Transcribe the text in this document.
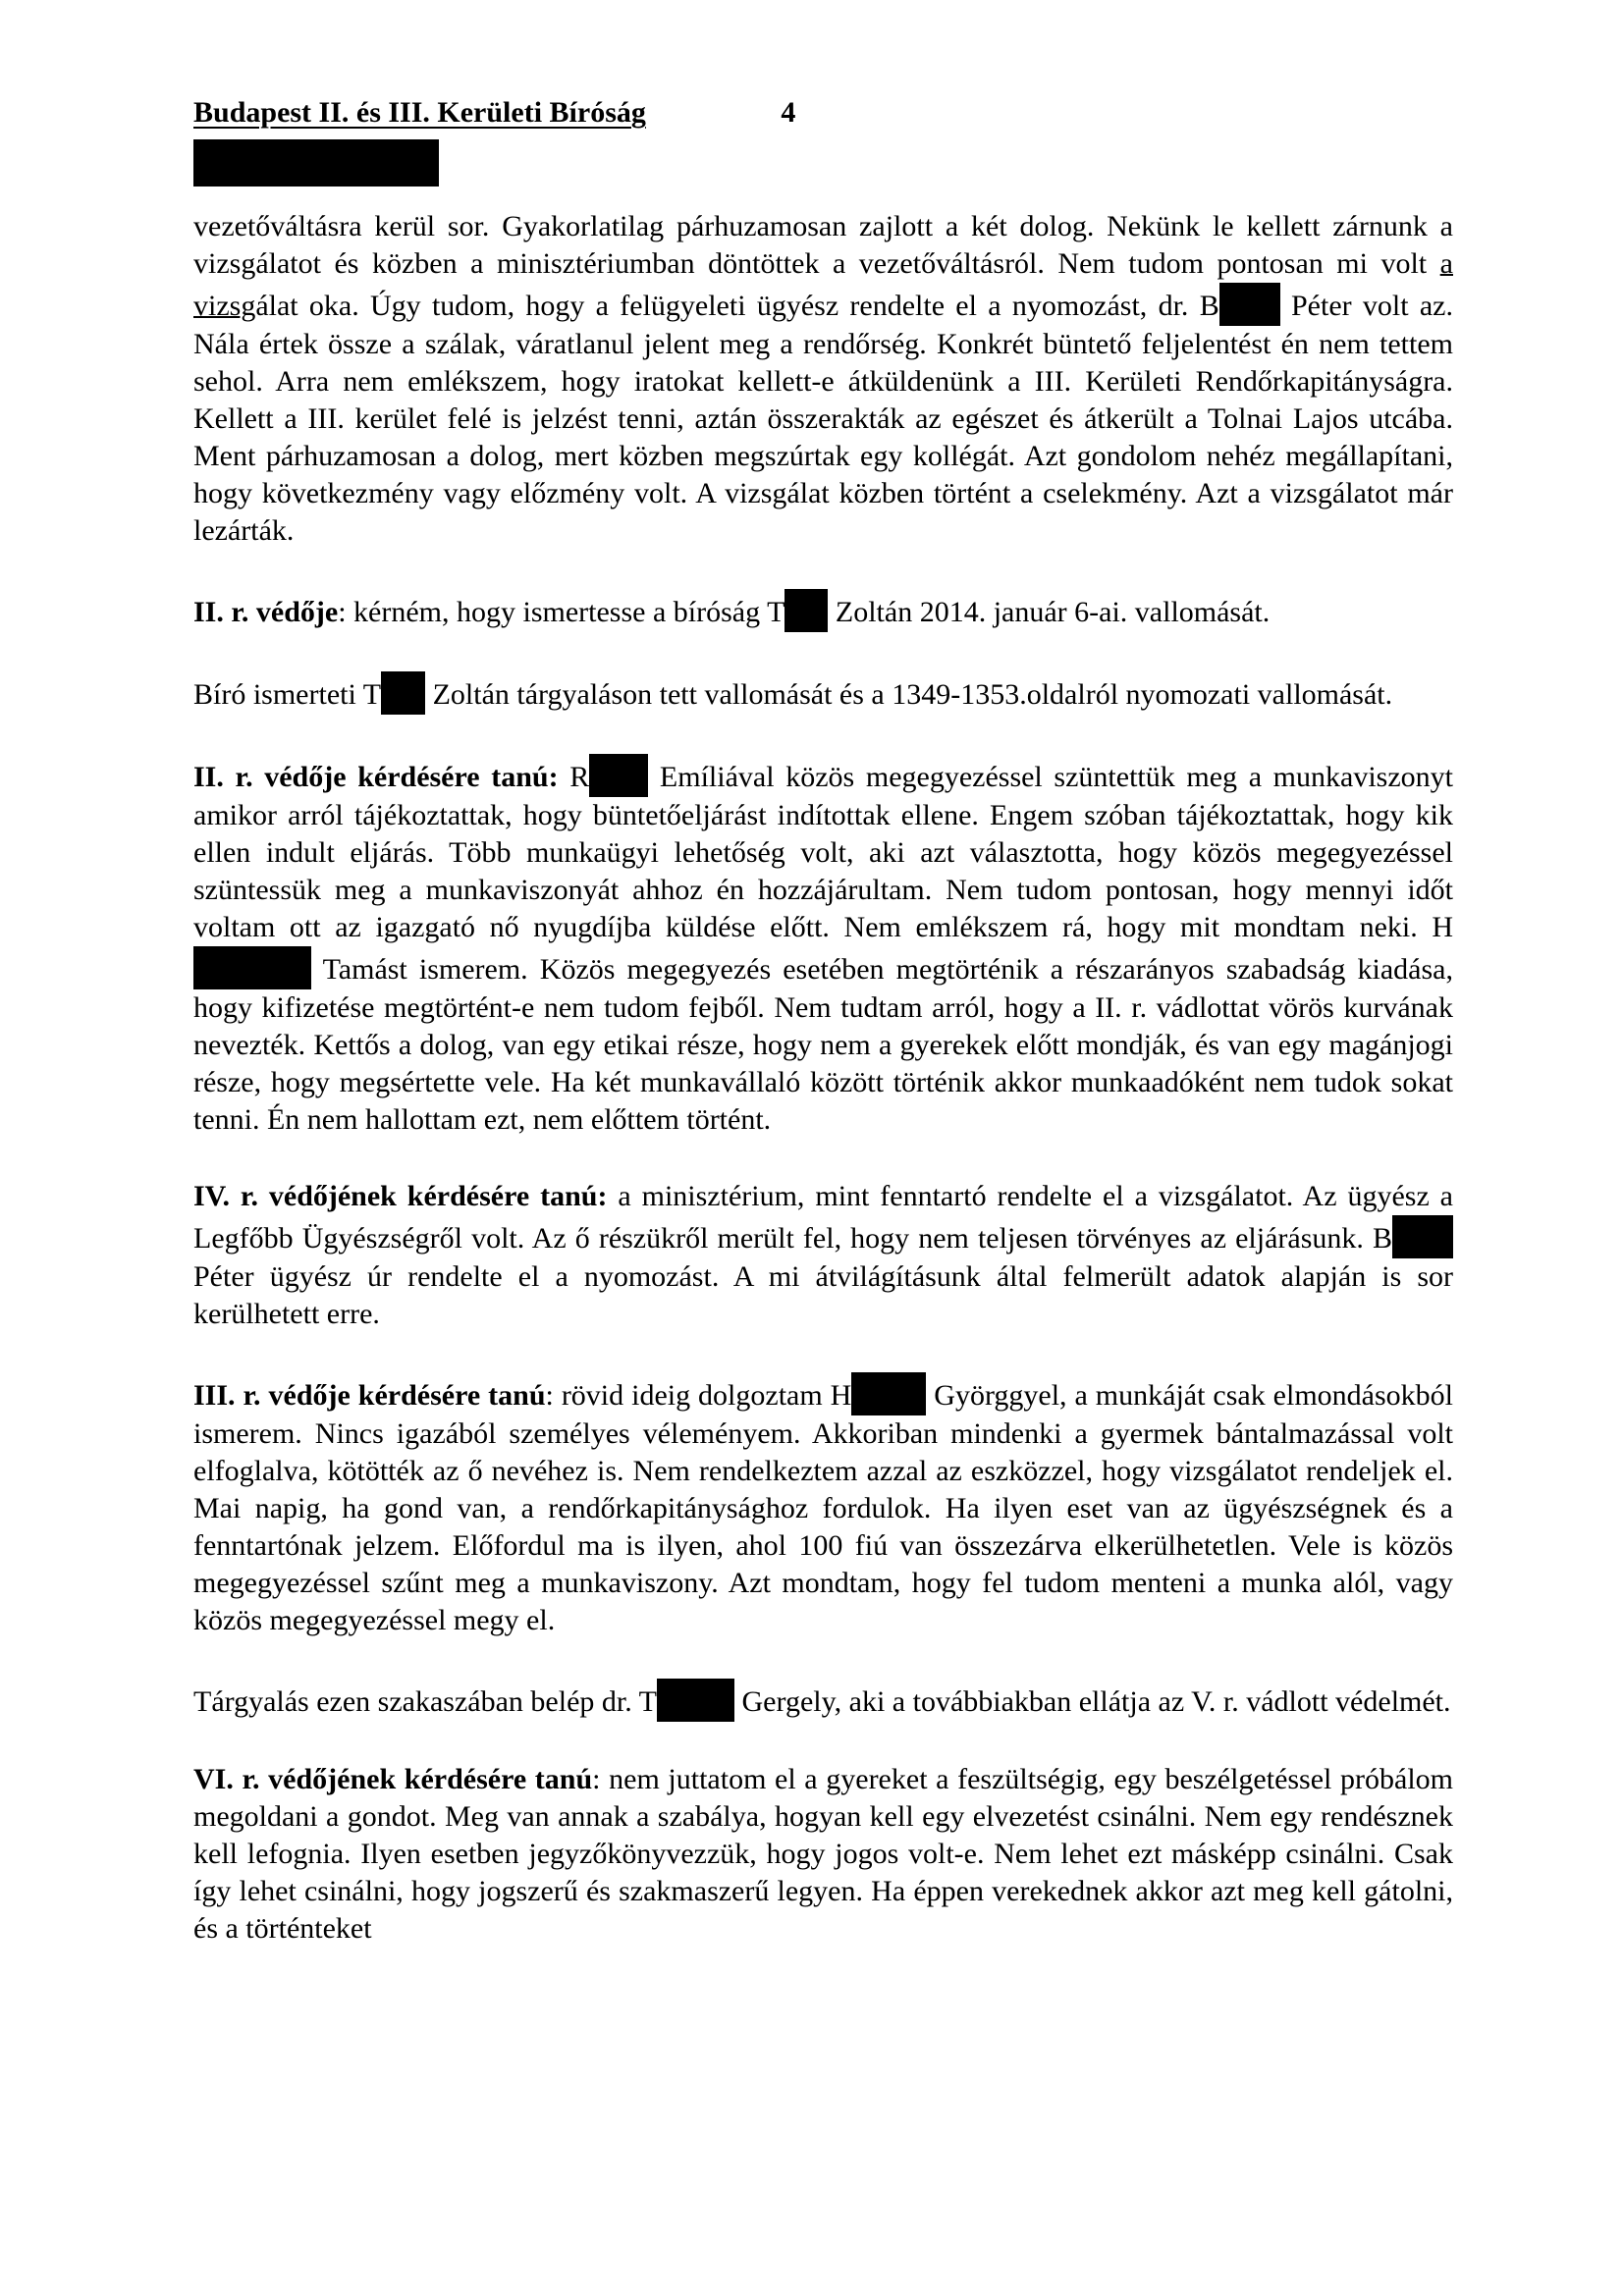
Budapest II. és III. Kerületi Bíróság	4

vezetőváltásra kerül sor. Gyakorlatilag párhuzamosan zajlott a két dolog. Nekünk le kellett zárnunk a vizsgálatot és közben a minisztériumban döntöttek a vezetőváltásról. Nem tudom pontosan mi volt a vizsgálat oka. Úgy tudom, hogy a felügyeleti ügyész rendelte el a nyomozást, dr. B Péter volt az. Nála értek össze a szálak, váratlanul jelent meg a rendőrség. Konkrét büntető feljelentést én nem tettem sehol. Arra nem emlékszem, hogy iratokat kellett-e átküldenünk a III. Kerületi Rendőrkapitányságra. Kellett a III. kerület felé is jelzést tenni, aztán összerakták az egészet és átkerült a Tolnai Lajos utcába. Ment párhuzamosan a dolog, mert közben megszúrtak egy kollégát. Azt gondolom nehéz megállapítani, hogy következmény vagy előzmény volt. A vizsgálat közben történt a cselekmény. Azt a vizsgálatot már lezárták.

II. r. védője: kérném, hogy ismertesse a bíróság T Zoltán 2014. január 6-ai. vallomását.

Bíró ismerteti T Zoltán tárgyaláson tett vallomását és a 1349-1353.oldalról nyomozati vallomását.

II. r. védője kérdésére tanú: R Emíliával közös megegyezéssel szüntettük meg a munkaviszonyt amikor arról tájékoztattak, hogy büntetőeljárást indítottak ellene. Engem szóban tájékoztattak, hogy kik ellen indult eljárás. Több munkaügyi lehetőség volt, aki azt választotta, hogy közös megegyezéssel szüntessük meg a munkaviszonyát ahhoz én hozzájárultam. Nem tudom pontosan, hogy mennyi időt voltam ott az igazgató nő nyugdíjba küldése előtt. Nem emlékszem rá, hogy mit mondtam neki. H Tamást ismerem. Közös megegyezés esetében megtörténik a részarányos szabadság kiadása, hogy kifizetése megtörtént-e nem tudom fejből. Nem tudtam arról, hogy a II. r. vádlottat vörös kurvának nevezték. Kettős a dolog, van egy etikai része, hogy nem a gyerekek előtt mondják, és van egy magánjogi része, hogy megsértette vele. Ha két munkavállaló között történik akkor munkaadóként nem tudok sokat tenni. Én nem hallottam ezt, nem előttem történt.

IV. r. védőjének kérdésére tanú: a minisztérium, mint fenntartó rendelte el a vizsgálatot. Az ügyész a Legfőbb Ügyészségről volt. Az ő részükről merült fel, hogy nem teljesen törvényes az eljárásunk. B Péter ügyész úr rendelte el a nyomozást. A mi átvilágításunk által felmerült adatok alapján is sor kerülhetett erre.

III. r. védője kérdésére tanú: rövid ideig dolgoztam H	Györggyel, a munkáját csak elmondásokból ismerem. Nincs igazából személyes véleményem. Akkoriban mindenki a gyermek bántalmazással volt elfoglalva, kötötték az ő nevéhez is. Nem rendelkeztem azzal az eszközzel, hogy vizsgálatot rendeljek el. Mai napig, ha gond van, a rendőrkapitánysághoz fordulok. Ha ilyen eset van az ügyészségnek és a fenntartónak jelzem. Előfordul ma is ilyen, ahol 100 fiú van összezárva elkerülhetetlen. Vele is közös megegyezéssel szűnt meg a munkaviszony. Azt mondtam, hogy fel tudom menteni a munka alól, vagy közös megegyezéssel megy el.

Tárgyalás ezen szakaszában belép dr. T	Gergely, aki a továbbiakban ellátja az V. r. vádlott védelmét.

VI. r. védőjének kérdésére tanú: nem juttatom el a gyereket a feszültségig, egy beszélgetéssel próbálom megoldani a gondot. Meg van annak a szabálya, hogyan kell egy elvezetést csinálni. Nem egy rendésznek kell lefognia. Ilyen esetben jegyzőkönyvezzük, hogy jogos volt-e. Nem lehet ezt másképp csinálni. Csak így lehet csinálni, hogy jogszerű és szakmaszerű legyen. Ha éppen verekednek akkor azt meg kell gátolni, és a történteket
